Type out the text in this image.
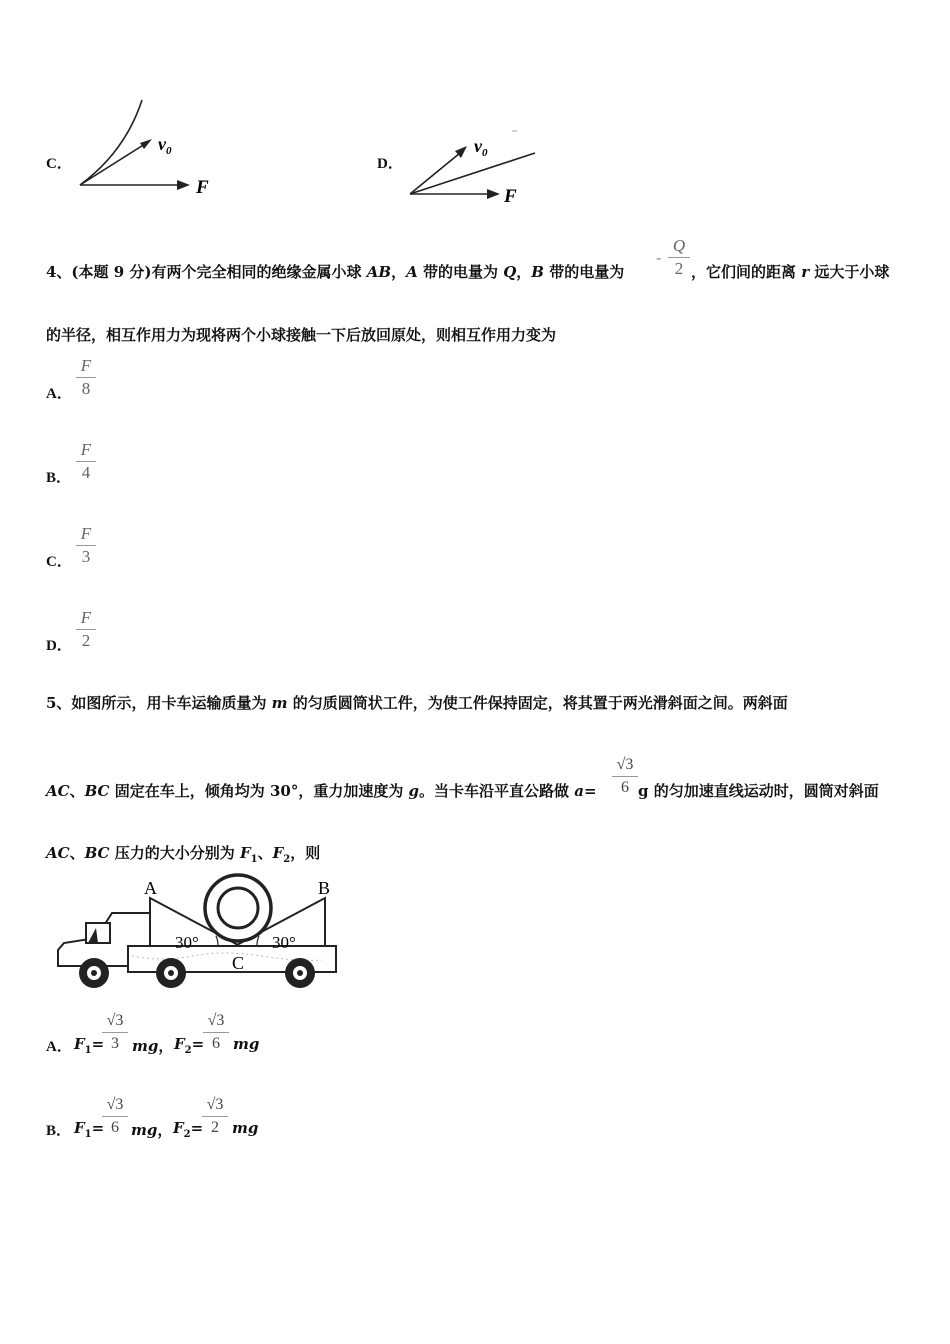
C．
$v_0$
F
D．
$v_0$
F
4、(本题 9 分)有两个完全相同的绝缘金属小球 AB，A 带的电量为 Q，B 带的电量为
-
Q
2 ，它们间的距离 r 远大于小球
的半径，相互作用力为现将两个小球接触一下后放回原处，则相互作用力变为
A．
F
8
B．
F
4
C．
F
3
D．
F
2
5、如图所示，用卡车运输质量为 m 的匀质圆筒状工件，为使工件保持固定，将其置于两光滑斜面之间。两斜面
AC、BC 固定在车上，倾角均为 30°，重力加速度为 g。当卡车沿平直公路做 a=
√3
6 g 的匀加速直线运动时，圆筒对斜面
AC、BC 压力的大小分别为 $F_1$、$F_2$，则
30°	30°
A	B
C
A． $F_1=$
√3
3 mg， $F_2=$
√3
6 mg
B． $F_1=$
√3
6 mg， $F_2=$
√3
2 mg
